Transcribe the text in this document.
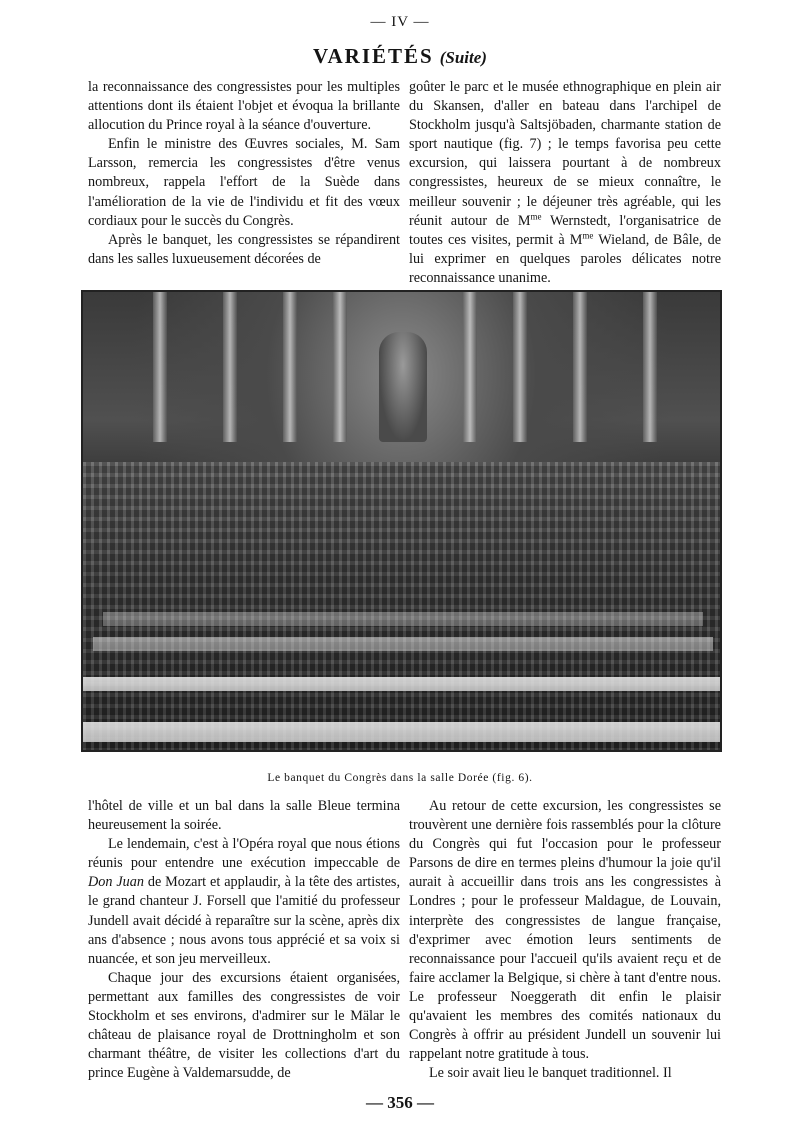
— IV —
VARIÉTÉS (Suite)

la reconnaissance des congressistes pour les multiples attentions dont ils étaient l'objet et évoqua la brillante allocution du Prince royal à la séance d'ouverture.

Enfin le ministre des Œuvres sociales, M. Sam Larsson, remercia les congressistes d'être venus nombreux, rappela l'effort de la Suède dans l'amélioration de la vie de l'individu et fit des vœux cordiaux pour le succès du Congrès.

Après le banquet, les congressistes se répandirent dans les salles luxueusement décorées de

goûter le parc et le musée ethnographique en plein air du Skansen, d'aller en bateau dans l'archipel de Stockholm jusqu'à Saltsjöbaden, charmante station de sport nautique (fig. 7) ; le temps favorisa peu cette excursion, qui laissera pourtant à de nombreux congressistes, heureux de se mieux connaître, le meilleur souvenir ; le déjeuner très agréable, qui les réunit autour de $M^{me}$ Wernstedt, l'organisatrice de toutes ces visites, permit à $M^{me}$ Wieland, de Bâle, de lui exprimer en quelques paroles délicates notre reconnaissance unanime.

Le banquet du Congrès dans la salle Dorée (fig. 6).

l'hôtel de ville et un bal dans la salle Bleue termina heureusement la soirée.

Le lendemain, c'est à l'Opéra royal que nous étions réunis pour entendre une exécution impeccable de Don Juan de Mozart et applaudir, à la tête des artistes, le grand chanteur J. Forsell que l'amitié du professeur Jundell avait décidé à reparaître sur la scène, après dix ans d'absence ; nous avons tous apprécié et sa voix si nuancée, et son jeu merveilleux.

Chaque jour des excursions étaient organisées, permettant aux familles des congressistes de voir Stockholm et ses environs, d'admirer sur le Mälar le château de plaisance royal de Drottningholm et son charmant théâtre, de visiter les collections d'art du prince Eugène à Valdemarsudde, de

Au retour de cette excursion, les congressistes se trouvèrent une dernière fois rassemblés pour la clôture du Congrès qui fut l'occasion pour le professeur Parsons de dire en termes pleins d'humour la joie qu'il aurait à accueillir dans trois ans les congressistes à Londres ; pour le professeur Maldague, de Louvain, interprète des congressistes de langue française, d'exprimer avec émotion leurs sentiments de reconnaissance pour l'accueil qu'ils avaient reçu et de faire acclamer la Belgique, si chère à tant d'entre nous. Le professeur Noeggerath dit enfin le plaisir qu'avaient les membres des comités nationaux du Congrès à offrir au président Jundell un souvenir lui rappelant notre gratitude à tous.

Le soir avait lieu le banquet traditionnel. Il

— 356 —
